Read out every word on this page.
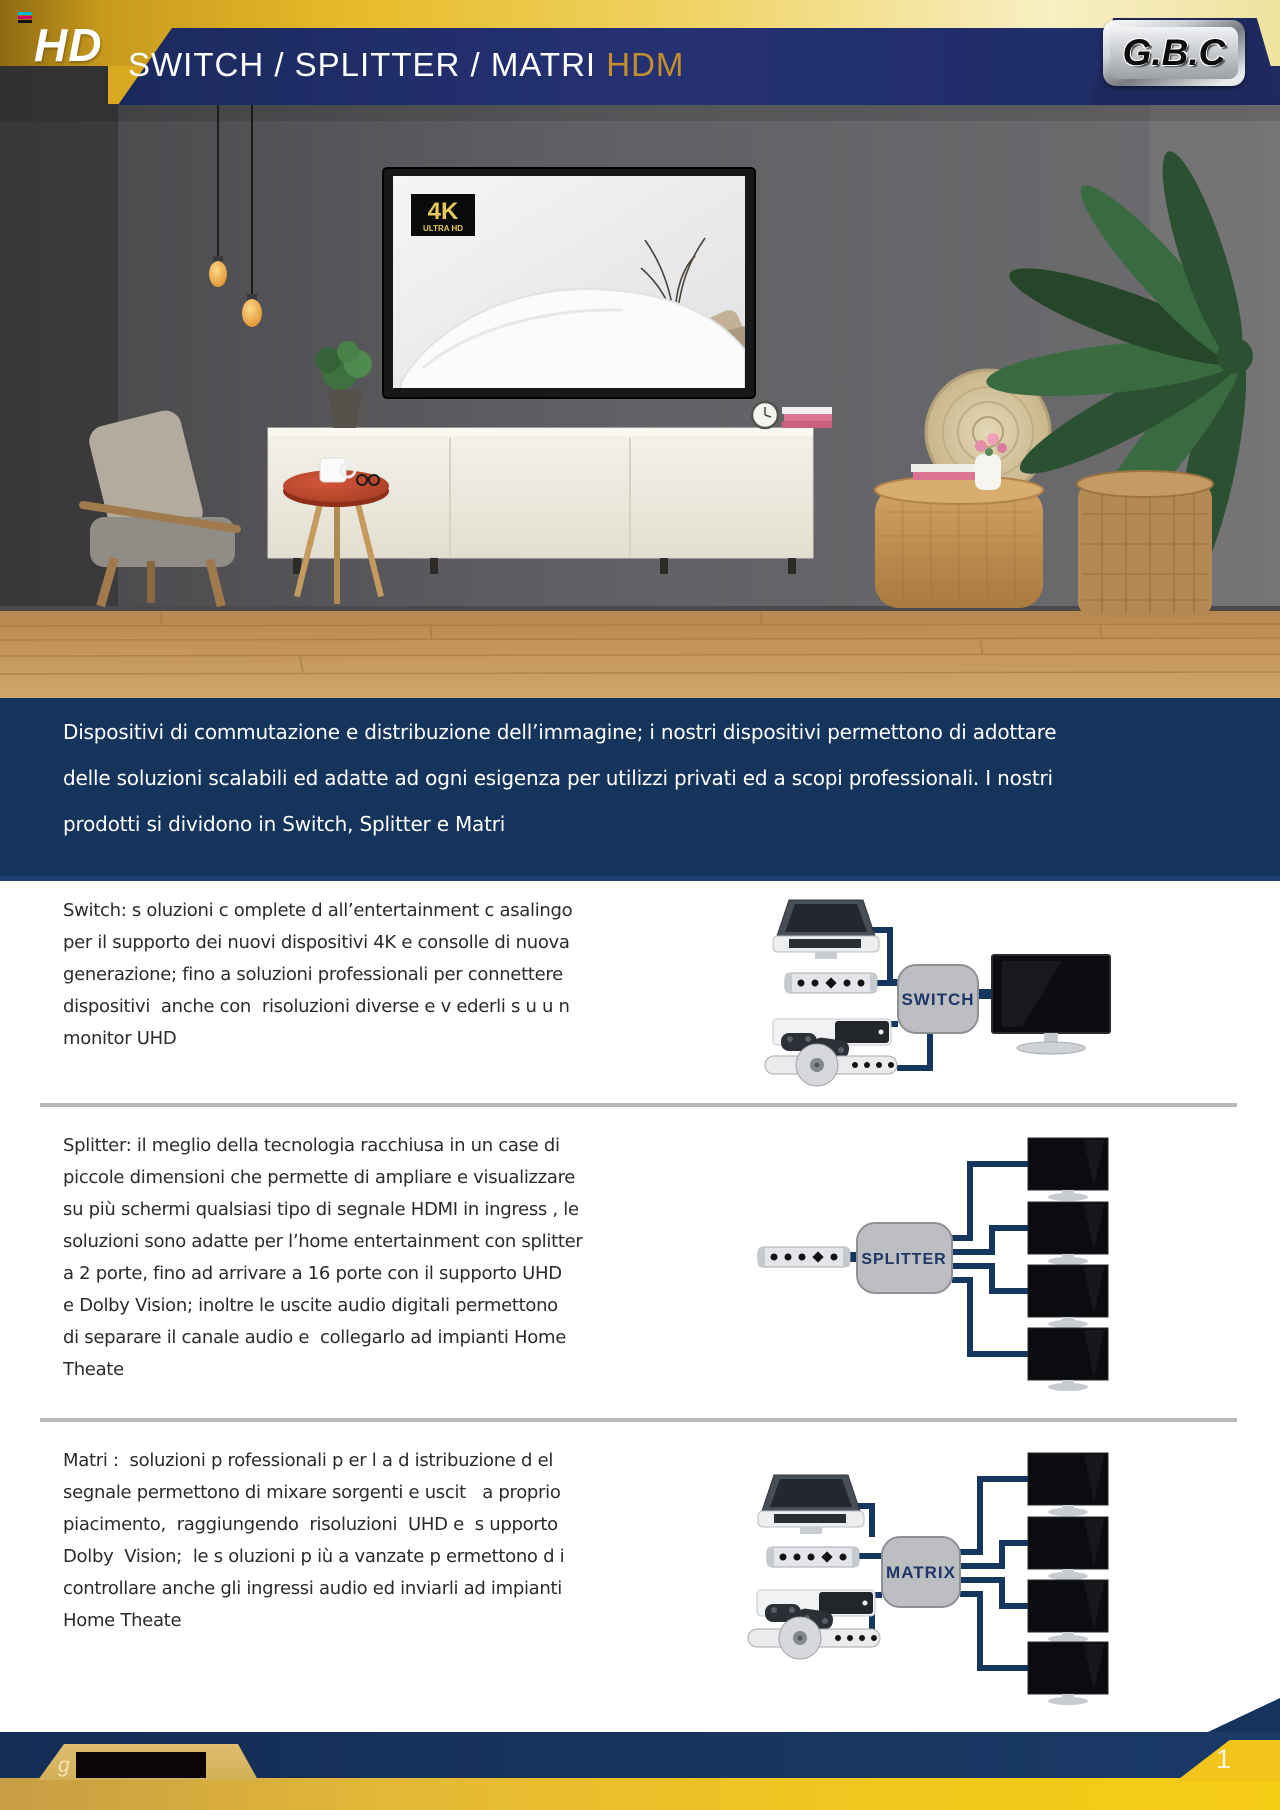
4K
ULTRA HD
HD SWITCH / SPLITTER / MATRI HDM	G.B.C
Dispositivi di commutazione e distribuzione dell’immagine; i nostri dispositivi permettono di adottare
delle soluzioni scalabili ed adatte ad ogni esigenza per utilizzi privati ed a scopi professionali. I nostri
prodotti si dividono in Switch, Splitter e Matri
Switch: s oluzioni c omplete d all’entertainment c asalingo
per il supporto dei nuovi dispositivi 4K e consolle di nuova
generazione; fino a soluzioni professionali per connettere
dispositivi  anche con  risoluzioni diverse e v ederli s u u n
monitor UHD
SWITCH
Splitter: il meglio della tecnologia racchiusa in un case di
piccole dimensioni che permette di ampliare e visualizzare
su più schermi qualsiasi tipo di segnale HDMI in ingress , le
soluzioni sono adatte per l’home entertainment con splitter
a 2 porte, fino ad arrivare a 16 porte con il supporto UHD
e Dolby Vision; inoltre le uscite audio digitali permettono
di separare il canale audio e  collegarlo ad impianti Home
Theate
SPLITTER
Matri :  soluzioni p rofessionali p er l a d istribuzione d el
segnale permettono di mixare sorgenti e uscit   a proprio
piacimento,  raggiungendo  risoluzioni  UHD e  s upporto
Dolby  Vision;  le s oluzioni p iù a vanzate p ermettono d i
controllare anche gli ingressi audio ed inviarli ad impianti
Home Theate
MATRIX
g	1
